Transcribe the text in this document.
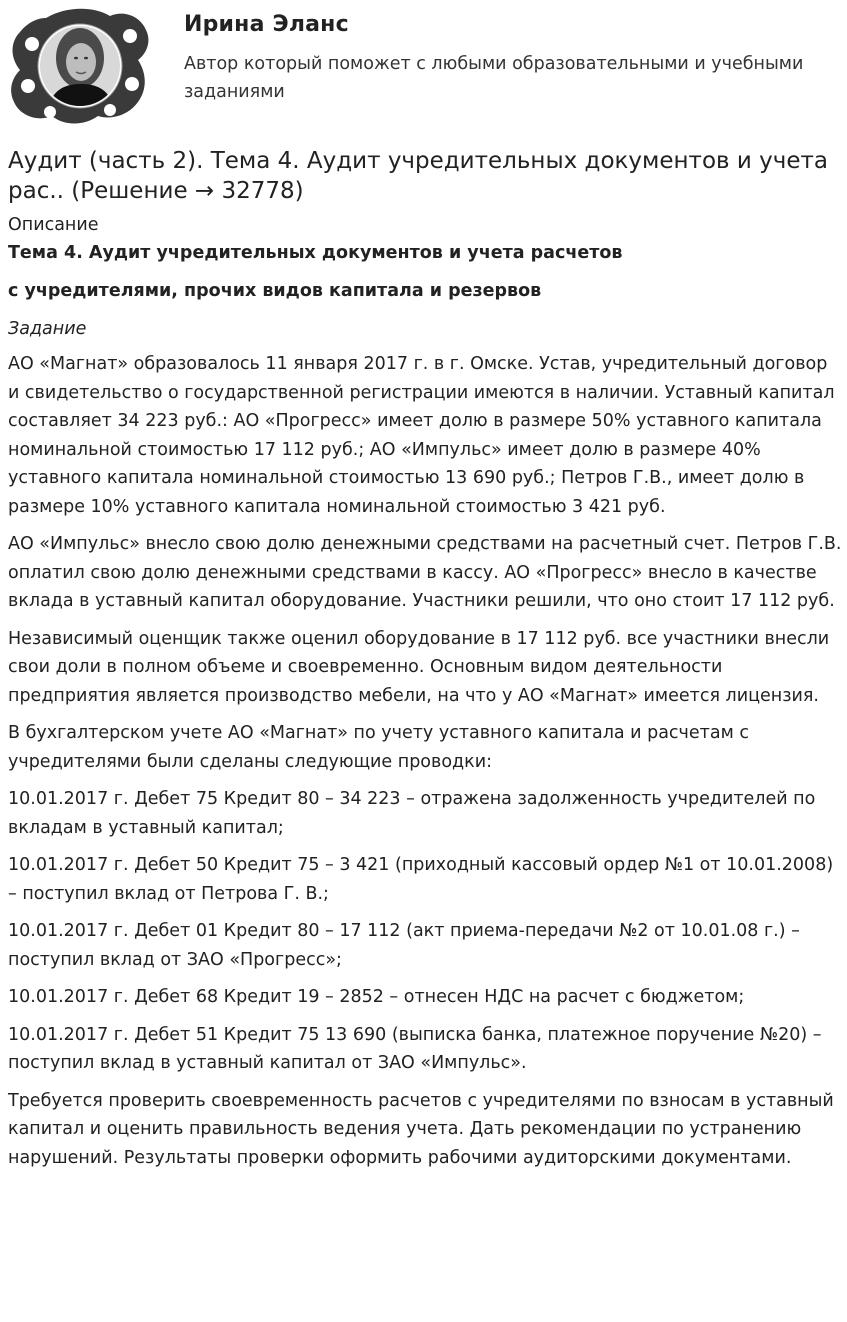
Ирина Эланс

Автор который поможет с любыми образовательными и учебными заданиями

Аудит (часть 2). Тема 4. Аудит учредительных документов и учета рас.. (Решение → 32778)
Описание
Тема 4. Аудит учредительных документов и учета расчетов
с учредителями, прочих видов капитала и резервов
Задание

АО «Магнат» образовалось 11 января 2017 г. в г. Омске. Устав, учредительный договор и свидетельство о государственной регистрации имеются в наличии. Уставный капитал составляет 34 223 руб.: АО «Прогресс» имеет долю в размере 50% уставного капитала номинальной стоимостью 17 112 руб.; АО «Импульс» имеет долю в размере 40% уставного капитала номинальной стоимостью 13 690 руб.; Петров Г.В., имеет долю в размере 10% уставного капитала номинальной стоимостью 3 421 руб.

АО «Импульс» внесло свою долю денежными средствами на расчетный счет. Петров Г.В. оплатил свою долю денежными средствами в кассу. АО «Прогресс» внесло в качестве вклада в уставный капитал оборудование. Участники решили, что оно стоит 17 112 руб.

Независимый оценщик также оценил оборудование в 17 112 руб. все участники внесли свои доли в полном объеме и своевременно. Основным видом деятельности предприятия является производство мебели, на что у АО «Магнат» имеется лицензия.

В бухгалтерском учете АО «Магнат» по учету уставного капитала и расчетам с учредителями были сделаны следующие проводки:

10.01.2017 г. Дебет 75 Кредит 80 – 34 223 – отражена задолженность учредителей по вкладам в уставный капитал;

10.01.2017 г. Дебет 50 Кредит 75 – 3 421 (приходный кассовый ордер №1 от 10.01.2008) – поступил вклад от Петрова Г. В.;

10.01.2017 г. Дебет 01 Кредит 80 – 17 112 (акт приема-передачи №2 от 10.01.08 г.) – поступил вклад от ЗАО «Прогресс»;

10.01.2017 г. Дебет 68 Кредит 19 – 2852 – отнесен НДС на расчет с бюджетом;

10.01.2017 г. Дебет 51 Кредит 75 13 690 (выписка банка, платежное поручение №20) – поступил вклад в уставный капитал от ЗАО «Импульс».

Требуется проверить своевременность расчетов с учредителями по взносам в уставный капитал и оценить правильность ведения учета. Дать рекомендации по устранению нарушений. Результаты проверки оформить рабочими аудиторскими документами.
